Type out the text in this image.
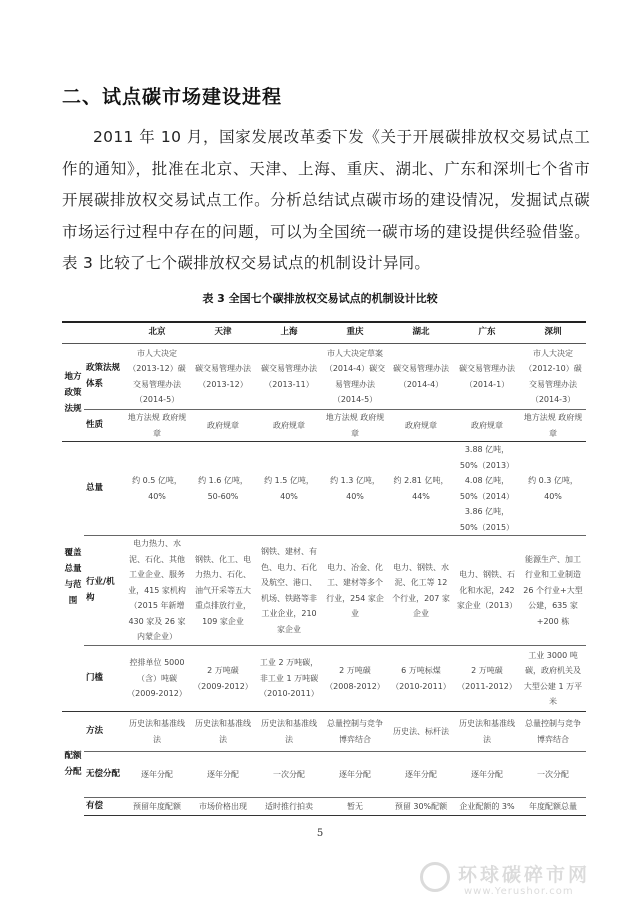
二、试点碳市场建设进程
2011 年 10 月，国家发展改革委下发《关于开展碳排放权交易试点工作的通知》，批准在北京、天津、上海、重庆、湖北、广东和深圳七个省市开展碳排放权交易试点工作。分析总结试点碳市场的建设情况，发掘试点碳市场运行过程中存在的问题，可以为全国统一碳市场的建设提供经验借鉴。表 3 比较了七个碳排放权交易试点的机制设计异同。
表 3 全国七个碳排放权交易试点的机制设计比较
		北京	天津	上海	重庆	湖北	广东	深圳
地方政策法规	政策法规体系	市人大决定（2013-12）碳交易管理办法（2014-5）	碳交易管理办法（2013-12）	碳交易管理办法（2013-11）	市人大决定草案（2014-4）碳交易管理办法（2014-5）	碳交易管理办法（2014-4）	碳交易管理办法（2014-1）	市人大决定（2012-10）碳交易管理办法（2014-3）
	性质	地方法规 政府规章	政府规章	政府规章	地方法规 政府规章	政府规章	政府规章	地方法规 政府规章
覆盖总量与范围	总量	约 0.5 亿吨，40%	约 1.6 亿吨，50-60%	约 1.5 亿吨，40%	约 1.3 亿吨，40%	约 2.81 亿吨，44%	3.88 亿吨，50%（2013）4.08 亿吨，50%（2014）3.86 亿吨，50%（2015）	约 0.3 亿吨，40%
	行业/机构	电力热力、水泥、石化、其他工业企业、服务业，415 家机构（2015 年新增 430 家及 26 家内蒙企业）	钢铁、化工、电力热力、石化、油气开采等五大重点排放行业，109 家企业	钢铁、建材、有色、电力、石化及航空、港口、机场、铁路等非工业企业，210 家企业	电力、冶金、化工、建材等多个行业，254 家企业	电力、钢铁、水泥、化工等 12 个行业，207 家企业	电力、钢铁、石化和水泥，242 家企业（2013）	能源生产、加工行业和工业制造 26 个行业+大型公建，635 家+200 栋
	门槛	控排单位 5000（含）吨碳（2009-2012）	2 万吨碳（2009-2012）	工业 2 万吨碳，非工业 1 万吨碳（2010-2011）	2 万吨碳（2008-2012）	6 万吨标煤（2010-2011）	2 万吨碳（2011-2012）	工业 3000 吨碳，政府机关及大型公建 1 万平米
配额分配	方法	历史法和基准线法	历史法和基准线法	历史法和基准线法	总量控制与竞争博弈结合	历史法、标杆法	历史法和基准线法	总量控制与竞争博弈结合
	无偿分配	逐年分配	逐年分配	一次分配	逐年分配	逐年分配	逐年分配	一次分配
	有偿	预留年度配额	市场价格出现	适时推行拍卖	暂无	预留 30%配额	企业配额的 3%	年度配额总量
5
环球碳碎市网
www.Yerushor.com
